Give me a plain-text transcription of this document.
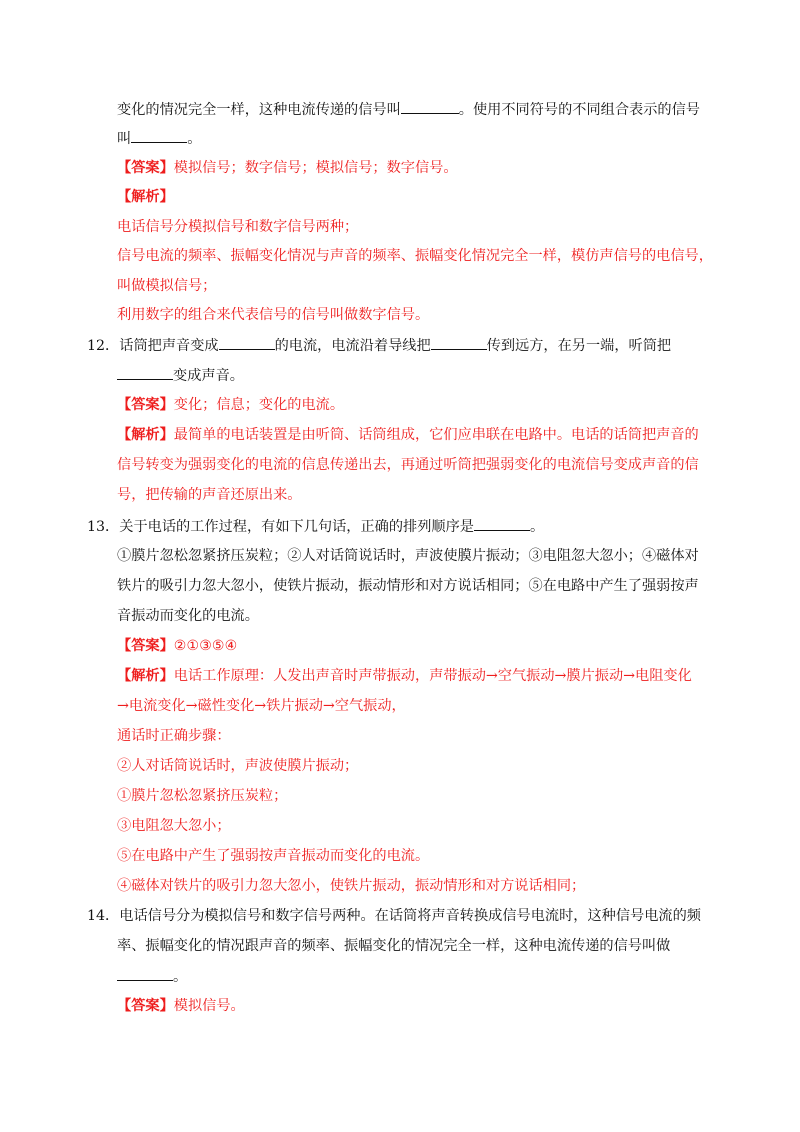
变化的情况完全一样，这种电流传递的信号叫	。使用不同符号的不同组合表示的信号
叫	。
【答案】模拟信号；数字信号；模拟信号；数字信号。
【解析】
电话信号分模拟信号和数字信号两种；
信号电流的频率、振幅变化情况与声音的频率、振幅变化情况完全一样，模仿声信号的电信号，
叫做模拟信号；
利用数字的组合来代表信号的信号叫做数字信号。
12．话筒把声音变成	的电流，电流沿着导线把	传到远方，在另一端，听筒把
变成声音。
【答案】变化；信息；变化的电流。
【解析】最简单的电话装置是由听筒、话筒组成，它们应串联在电路中。电话的话筒把声音的
信号转变为强弱变化的电流的信息传递出去，再通过听筒把强弱变化的电流信号变成声音的信
号，把传输的声音还原出来。
13．关于电话的工作过程，有如下几句话，正确的排列顺序是	。
①膜片忽松忽紧挤压炭粒；②人对话筒说话时，声波使膜片振动；③电阻忽大忽小；④磁体对
铁片的吸引力忽大忽小，使铁片振动，振动情形和对方说话相同；⑤在电路中产生了强弱按声
音振动而变化的电流。
【答案】②①③⑤④
【解析】电话工作原理：人发出声音时声带振动，声带振动→空气振动→膜片振动→电阻变化
→电流变化→磁性变化→铁片振动→空气振动，
通话时正确步骤：
②人对话筒说话时，声波使膜片振动；
①膜片忽松忽紧挤压炭粒；
③电阻忽大忽小；
⑤在电路中产生了强弱按声音振动而变化的电流。
④磁体对铁片的吸引力忽大忽小，使铁片振动，振动情形和对方说话相同；
14．电话信号分为模拟信号和数字信号两种。在话筒将声音转换成信号电流时，这种信号电流的频
率、振幅变化的情况跟声音的频率、振幅变化的情况完全一样，这种电流传递的信号叫做
。
【答案】模拟信号。
